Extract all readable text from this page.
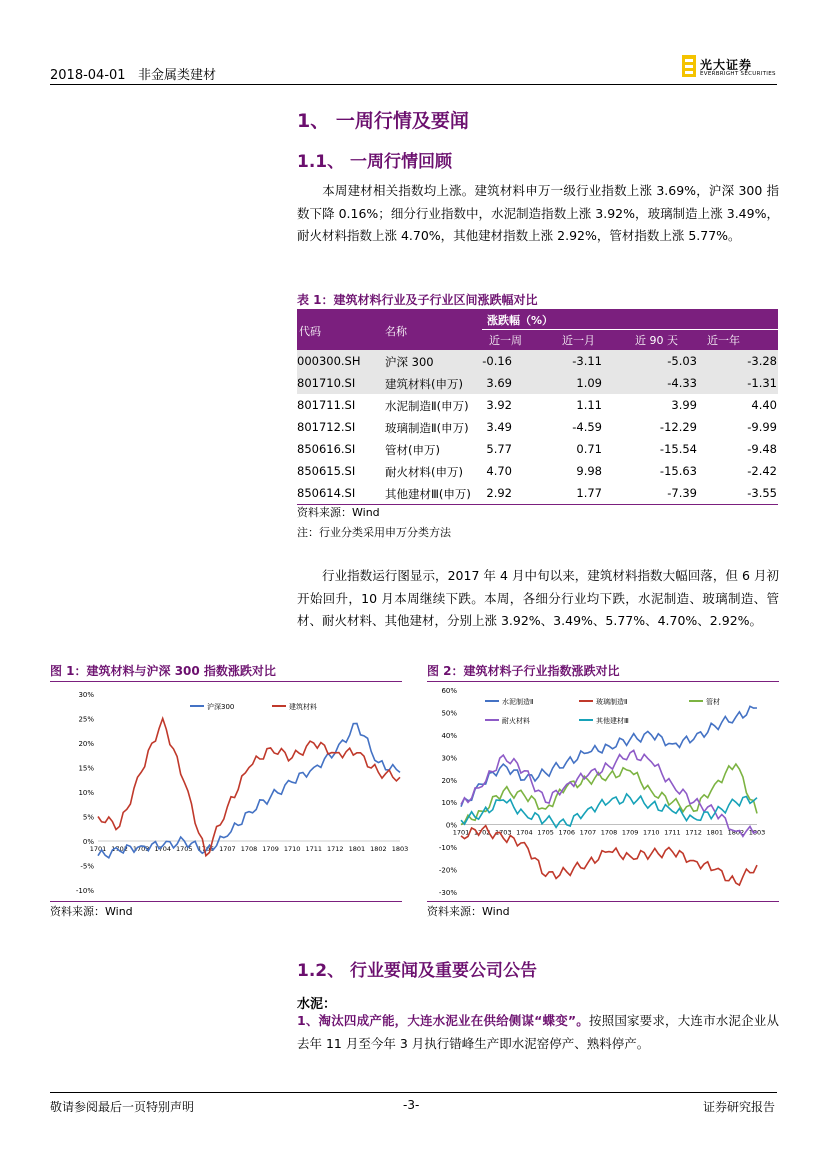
2018-04-01 非金属类建材
光大证券
EVERBRIGHT SECURITIES
1、 一周行情及要闻
1.1、 一周行情回顾
本周建材相关指数均上涨。建筑材料申万一级行业指数上涨 3.69%，沪深 300 指数下降 0.16%；细分行业指数中，水泥制造指数上涨 3.92%，玻璃制造上涨 3.49%，耐火材料指数上涨 4.70%，其他建材指数上涨 2.92%，管材指数上涨 5.77%。
表 1：建筑材料行业及子行业区间涨跌幅对比
代码	名称
涨跌幅（%）
近一周	近一月	近 90 天	近一年
000300.SH 沪深 300	-0.16	-3.11	-5.03	-3.28
801710.SI	建筑材料(申万)	3.69	1.09	-4.33	-1.31
801711.SI	水泥制造Ⅱ(申万)	3.92	1.11	3.99	4.40
801712.SI	玻璃制造Ⅱ(申万)	3.49	-4.59	-12.29	-9.99
850616.SI	管材(申万)	5.77	0.71	-15.54	-9.48
850615.SI	耐火材料(申万)	4.70	9.98	-15.63	-2.42
850614.SI	其他建材Ⅲ(申万)	2.92	1.77	-7.39	-3.55
资料来源：Wind
注：行业分类采用申万分类方法
行业指数运行图显示，2017 年 4 月中旬以来，建筑材料指数大幅回落，但 6 月初开始回升，10 月本周继续下跌。本周，各细分行业均下跌，水泥制造、玻璃制造、管材、耐火材料、其他建材，分别上涨 3.92%、3.49%、5.77%、4.70%、2.92%。
图 1：建筑材料与沪深 300 指数涨跌对比	图 2：建筑材料子行业指数涨跌对比
30%
25%
20%
15%
10%
5%
0%
-5%
-10%
1701 1702 1703 1704 1705 1706 1707 1708 1709 1710 1711 1712 1801 1802 1803
沪深300	建筑材料
60%
50%
40%
30%
20%
10%
0%
-10%
-20%
-30%
1701 1702 1703 1704 1705 1706 1707 1708 1709 1710 1711 1712 1801 1802 1803
水泥制造Ⅱ	玻璃制造Ⅱ	管材
耐火材料	其他建材Ⅲ
资料来源：Wind	资料来源：Wind
1.2、 行业要闻及重要公司公告
水泥：
1、淘汰四成产能，大连水泥业在供给侧谋“蝶变”。按照国家要求，大连市水泥企业从去年 11 月至今年 3 月执行错峰生产即水泥窑停产、熟料停产。
敬请参阅最后一页特别声明	-3-	证券研究报告
